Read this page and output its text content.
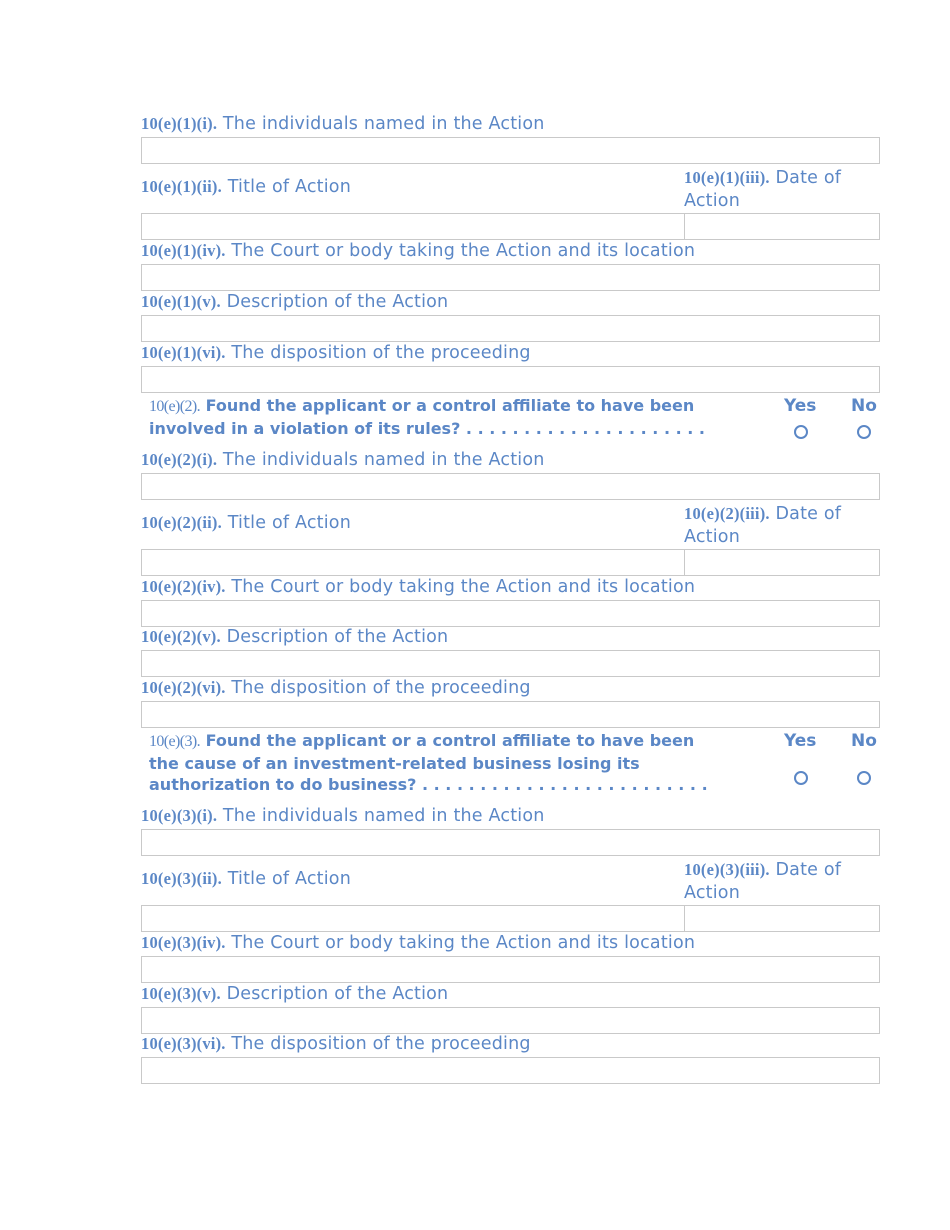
10(e)(1)(i). The individuals named in the Action
10(e)(1)(ii). Title of Action	10(e)(1)(iii). Date of Action
10(e)(1)(iv). The Court or body taking the Action and its location
10(e)(1)(v). Description of the Action
10(e)(1)(vi). The disposition of the proceeding
10(e)(2). Found the applicant or a control affiliate to have been
involved in a violation of its rules? . . . . . . . . . . . . . . . . . . . . .
Yes No
10(e)(2)(i). The individuals named in the Action
10(e)(2)(ii). Title of Action	10(e)(2)(iii). Date of Action
10(e)(2)(iv). The Court or body taking the Action and its location
10(e)(2)(v). Description of the Action
10(e)(2)(vi). The disposition of the proceeding
10(e)(3). Found the applicant or a control affiliate to have been
the cause of an investment-related business losing its
authorization to do business? . . . . . . . . . . . . . . . . . . . . . . . . .
Yes No
10(e)(3)(i). The individuals named in the Action
10(e)(3)(ii). Title of Action	10(e)(3)(iii). Date of Action
10(e)(3)(iv). The Court or body taking the Action and its location
10(e)(3)(v). Description of the Action
10(e)(3)(vi). The disposition of the proceeding
